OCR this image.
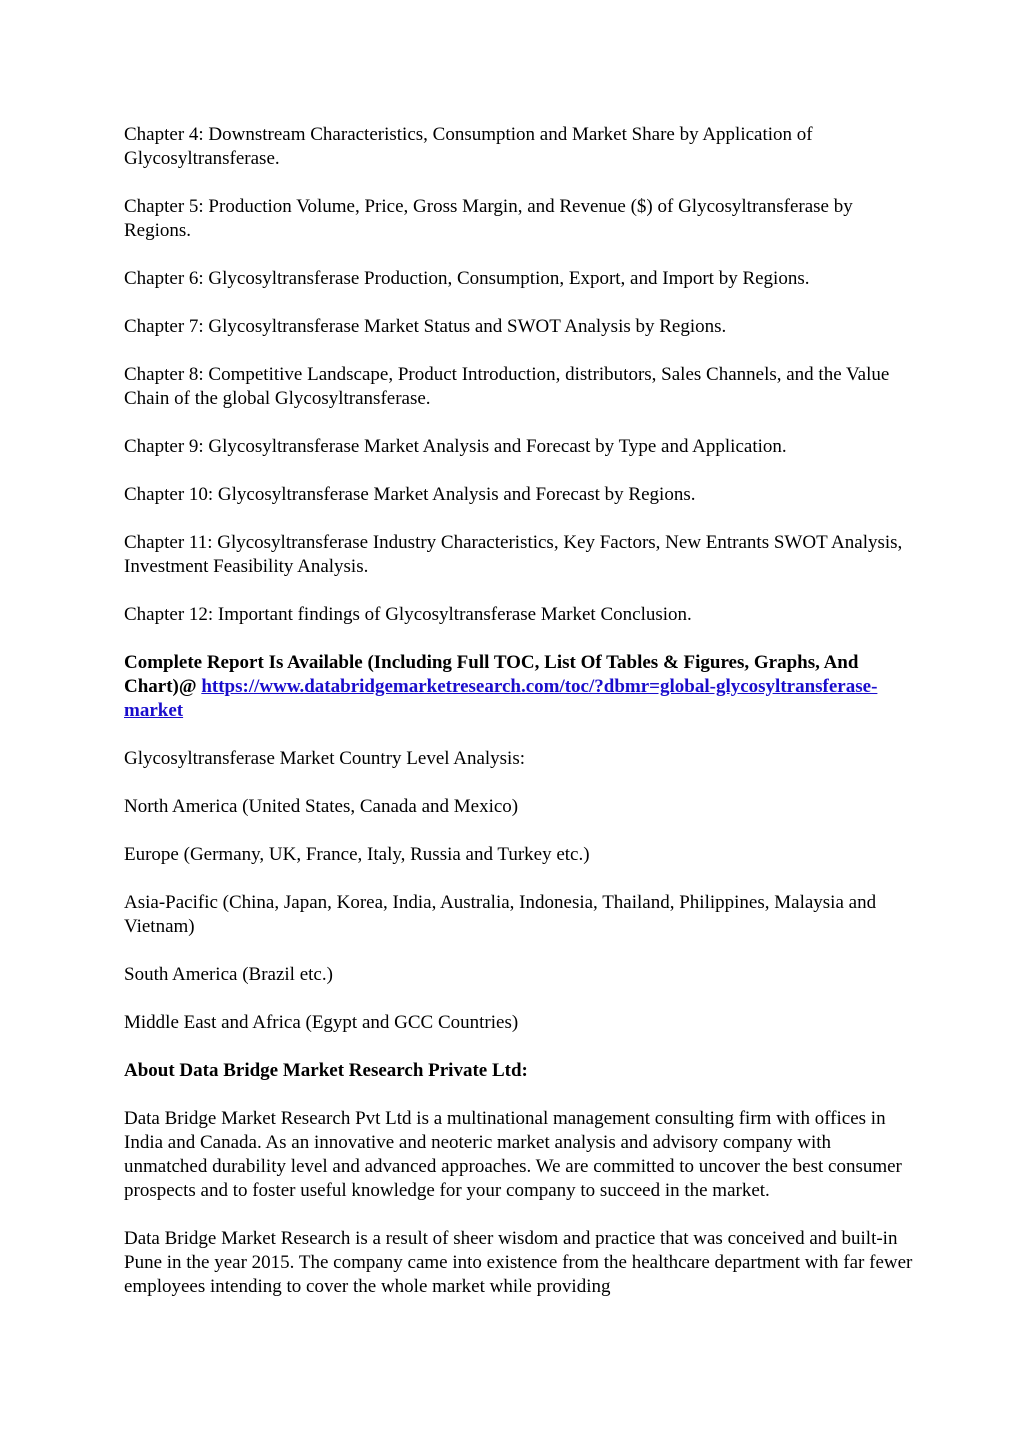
Chapter 4: Downstream Characteristics, Consumption and Market Share by Application of Glycosyltransferase.

Chapter 5: Production Volume, Price, Gross Margin, and Revenue ($) of Glycosyltransferase by Regions.

Chapter 6: Glycosyltransferase Production, Consumption, Export, and Import by Regions.

Chapter 7: Glycosyltransferase Market Status and SWOT Analysis by Regions.

Chapter 8: Competitive Landscape, Product Introduction, distributors, Sales Channels, and the Value Chain of the global Glycosyltransferase.

Chapter 9: Glycosyltransferase Market Analysis and Forecast by Type and Application.

Chapter 10: Glycosyltransferase Market Analysis and Forecast by Regions.

Chapter 11: Glycosyltransferase Industry Characteristics, Key Factors, New Entrants SWOT Analysis, Investment Feasibility Analysis.

Chapter 12: Important findings of Glycosyltransferase Market Conclusion.

Complete Report Is Available (Including Full TOC, List Of Tables & Figures, Graphs, And Chart)@ https://www.databridgemarketresearch.com/toc/?dbmr=global-glycosyltransferase-market

Glycosyltransferase Market Country Level Analysis:

North America (United States, Canada and Mexico)

Europe (Germany, UK, France, Italy, Russia and Turkey etc.)

Asia-Pacific (China, Japan, Korea, India, Australia, Indonesia, Thailand, Philippines, Malaysia and Vietnam)

South America (Brazil etc.)

Middle East and Africa (Egypt and GCC Countries)

About Data Bridge Market Research Private Ltd:

Data Bridge Market Research Pvt Ltd is a multinational management consulting firm with offices in India and Canada. As an innovative and neoteric market analysis and advisory company with unmatched durability level and advanced approaches. We are committed to uncover the best consumer prospects and to foster useful knowledge for your company to succeed in the market.

Data Bridge Market Research is a result of sheer wisdom and practice that was conceived and built-in Pune in the year 2015. The company came into existence from the healthcare department with far fewer employees intending to cover the whole market while providing
